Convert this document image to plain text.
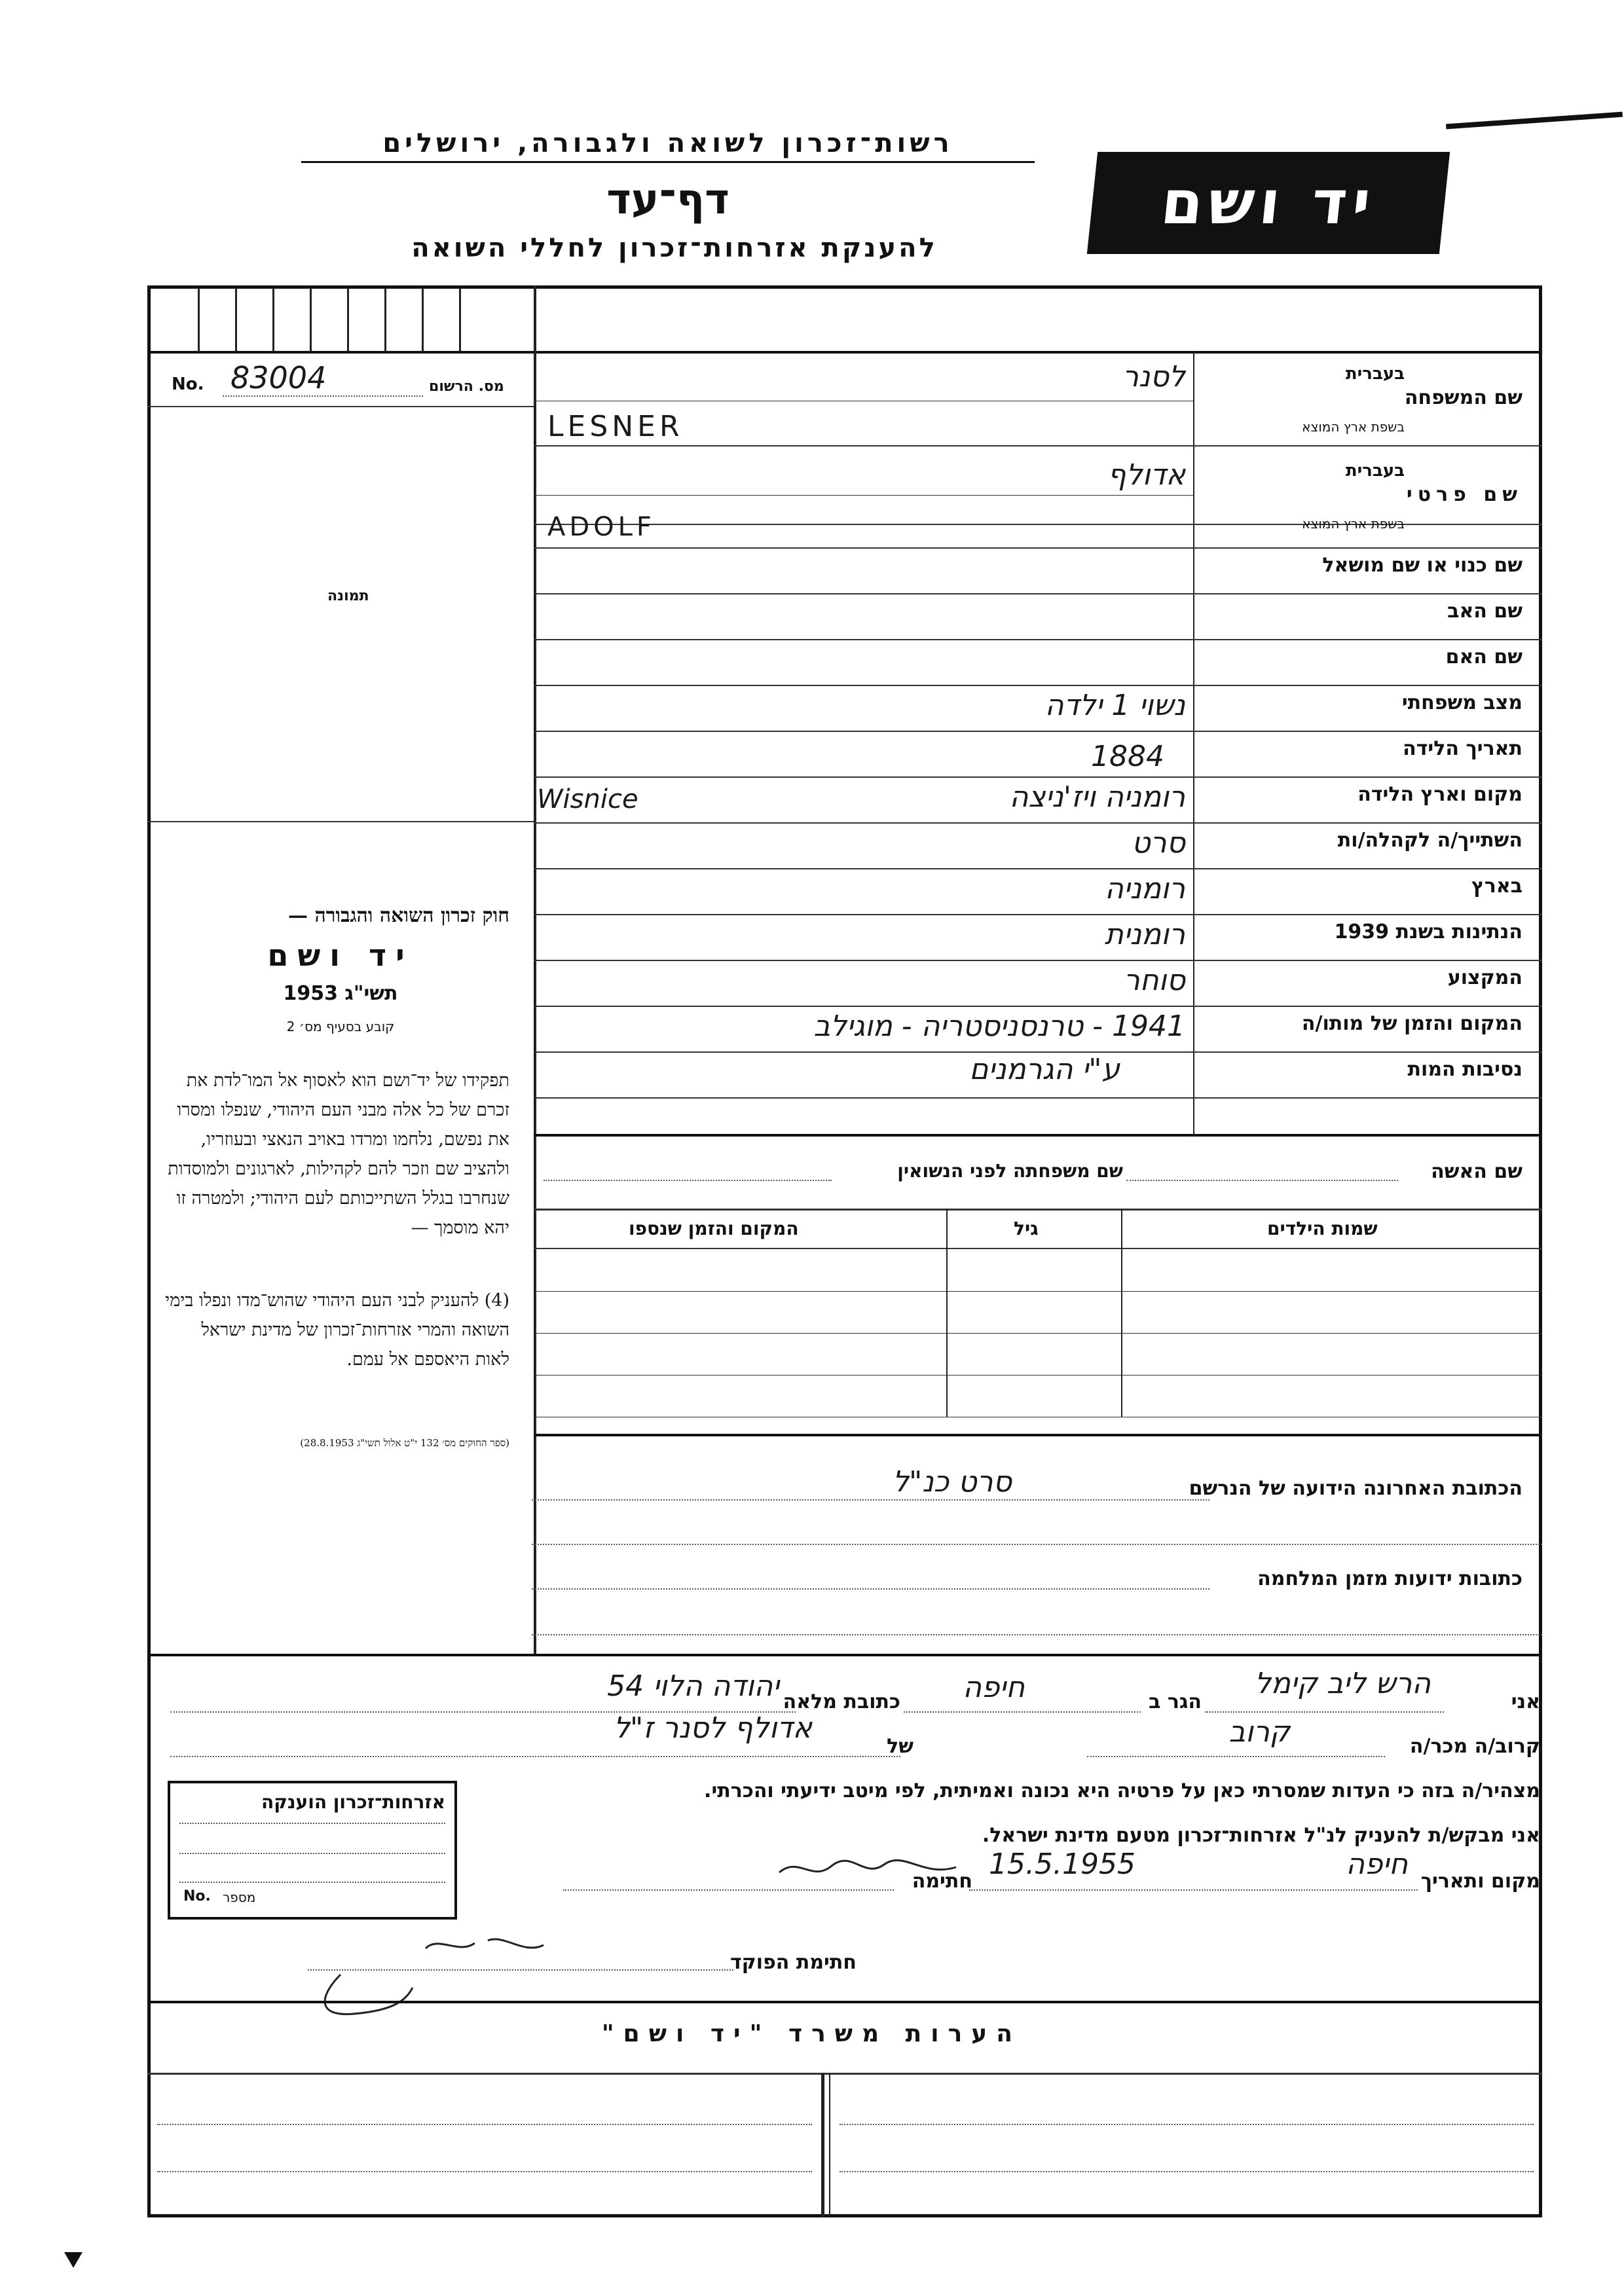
רשות־זכרון לשואה ולגבורה, ירושלים
דף־עד
להענקת אזרחות־זכרון לחללי השואה
יד ושם
No. 83004	מס. הרשום
תמונה
חוק זכרון השואה והגבורה —
יד ושם
תשי"ג 1953
קובע בסעיף מס׳ 2
תפקידו של יד־ושם הוא לאסוף אל המו־לדת את זכרם של כל אלה מבני העם היהודי, שנפלו ומסרו את נפשם, נלחמו ומרדו באויב הנאצי ובעוזריו, ולהציב שם וזכר להם לקהילות, לארגונים ולמוסדות שנחרבו בגלל השתייכותם לעם היהודי; ולמטרה זו יהא מוסמך —
(4) להעניק לבני העם היהודי שהוש־מדו ונפלו בימי השואה והמרי אזרחות־זכרון של מדינת ישראל לאות היאספם אל עמם.
(ספר החוקים מס׳ 132 י"ט אלול תשי"ג 28.8.1953)
שם המשפחה
בעברית
בשפת ארץ המוצא
לסנר
LESNER
שם פרטי
בעברית
בשפת ארץ המוצא
אדולף
ADOLF
שם כנוי או שם מושאל
שם האב
שם האם
מצב משפחתי
נשוי 1 ילדה
תאריך הלידה
1884
מקום וארץ הלידה
רומניה ויז'ניצה
Wisnice
השתייך/ה לקהלה/ות
סרט
בארץ
רומניה
הנתינות בשנת 1939
רומנית
המקצוע
סוחר
המקום והזמן של מותו/ה
1941 - טרנסניסטריה - מוגילב
נסיבות המות
ע"י הגרמנים
שם האשה
שם משפחתה לפני הנשואין
שמות הילדים
גיל
המקום והזמן שנספו
הכתובת האחרונה הידועה של הנרשם
סרט כנ"ל
כתובות ידועות מזמן המלחמה
אני
הרש ליב קימל
הגר ב
חיפה
כתובת מלאה
יהודה הלוי 54
קרוב/ה מכר/ה
קרוב
של
אדולף לסנר ז"ל
מצהיר/ה בזה כי העדות שמסרתי כאן על פרטיה היא נכונה ואמיתית, לפי מיטב ידיעתי והכרתי.
אני מבקש/ת להעניק לנ"ל אזרחות־זכרון מטעם מדינת ישראל.
מקום ותאריך
חיפה
15.5.1955
חתימה
אזרחות־זכרון הוענקה
No. מספר
חתימת הפוקד
הערות משרד "יד ושם"
